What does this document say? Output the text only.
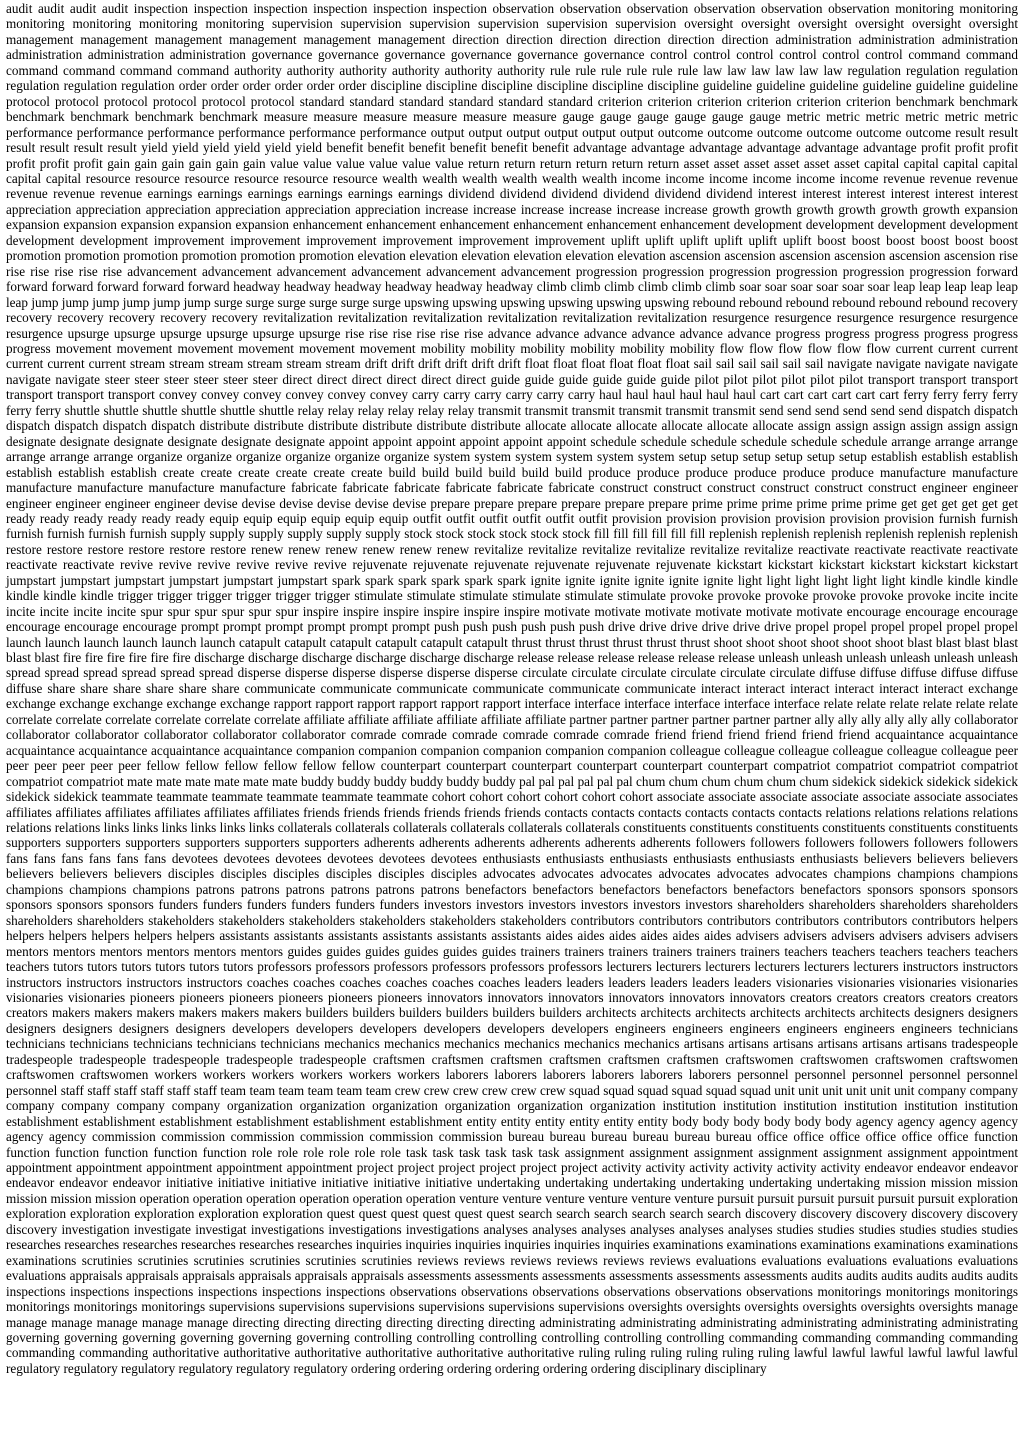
audit audit audit audit inspection inspection inspection inspection inspection inspection observation observation observation observation observation observation monitoring monitoring monitoring monitoring monitoring monitoring supervision supervision supervision supervision supervision supervision oversight oversight oversight oversight oversight oversight management management management management management management direction direction direction direction direction direction administration administration administration administration administration administration governance governance governance governance governance governance control control control control control control command command command command command command authority authority authority authority authority authority rule rule rule rule rule rule law law law law law law regulation regulation regulation regulation regulation regulation order order order order order order discipline discipline discipline discipline discipline discipline guideline guideline guideline guideline guideline guideline protocol protocol protocol protocol protocol protocol standard standard standard standard standard standard criterion criterion criterion criterion criterion criterion benchmark benchmark benchmark benchmark benchmark benchmark measure measure measure measure measure measure gauge gauge gauge gauge gauge gauge metric metric metric metric metric metric performance performance performance performance performance performance output output output output output output outcome outcome outcome outcome outcome outcome result result result result result result yield yield yield yield yield yield benefit benefit benefit benefit benefit benefit advantage advantage advantage advantage advantage advantage profit profit profit profit profit profit gain gain gain gain gain gain value value value value value value return return return return return return asset asset asset asset asset asset capital capital capital capital capital capital resource resource resource resource resource resource wealth wealth wealth wealth wealth wealth income income income income income income revenue revenue revenue revenue revenue revenue earnings earnings earnings earnings earnings earnings dividend dividend dividend dividend dividend dividend interest interest interest interest interest interest appreciation appreciation appreciation appreciation appreciation appreciation increase increase increase increase increase increase growth growth growth growth growth growth expansion expansion expansion expansion expansion expansion enhancement enhancement enhancement enhancement enhancement enhancement development development development development development development improvement improvement improvement improvement improvement improvement uplift uplift uplift uplift uplift uplift boost boost boost boost boost boost promotion promotion promotion promotion promotion promotion elevation elevation elevation elevation elevation elevation ascension ascension ascension ascension ascension ascension rise rise rise rise rise rise advancement advancement advancement advancement advancement advancement progression progression progression progression progression progression forward forward forward forward forward forward headway headway headway headway headway headway climb climb climb climb climb climb soar soar soar soar soar soar leap leap leap leap leap leap jump jump jump jump jump jump surge surge surge surge surge surge upswing upswing upswing upswing upswing upswing rebound rebound rebound rebound rebound rebound recovery recovery recovery recovery recovery recovery revitalization revitalization revitalization revitalization revitalization revitalization resurgence resurgence resurgence resurgence resurgence resurgence upsurge upsurge upsurge upsurge upsurge upsurge rise rise rise rise rise rise advance advance advance advance advance advance progress progress progress progress progress progress movement movement movement movement movement movement mobility mobility mobility mobility mobility mobility flow flow flow flow flow flow current current current current current current stream stream stream stream stream stream drift drift drift drift drift drift float float float float float float sail sail sail sail sail sail navigate navigate navigate navigate navigate navigate steer steer steer steer steer steer direct direct direct direct direct direct guide guide guide guide guide guide pilot pilot pilot pilot pilot pilot transport transport transport transport transport transport convey convey convey convey convey convey carry carry carry carry carry carry haul haul haul haul haul haul cart cart cart cart cart cart ferry ferry ferry ferry ferry ferry shuttle shuttle shuttle shuttle shuttle shuttle relay relay relay relay relay relay transmit transmit transmit transmit transmit transmit send send send send send send dispatch dispatch dispatch dispatch dispatch dispatch distribute distribute distribute distribute distribute distribute allocate allocate allocate allocate allocate allocate assign assign assign assign assign assign designate designate designate designate designate designate appoint appoint appoint appoint appoint appoint schedule schedule schedule schedule schedule schedule arrange arrange arrange arrange arrange arrange organize organize organize organize organize organize system system system system system system setup setup setup setup setup setup establish establish establish establish establish establish create create create create create create build build build build build build produce produce produce produce produce produce manufacture manufacture manufacture manufacture manufacture manufacture fabricate fabricate fabricate fabricate fabricate fabricate construct construct construct construct construct construct engineer engineer engineer engineer engineer engineer devise devise devise devise devise devise prepare prepare prepare prepare prepare prepare prime prime prime prime prime prime get get get get get get ready ready ready ready ready ready equip equip equip equip equip equip outfit outfit outfit outfit outfit outfit provision provision provision provision provision provision furnish furnish furnish furnish furnish furnish supply supply supply supply supply supply stock stock stock stock stock stock fill fill fill fill fill fill replenish replenish replenish replenish replenish replenish restore restore restore restore restore restore renew renew renew renew renew renew revitalize revitalize revitalize revitalize revitalize revitalize reactivate reactivate reactivate reactivate reactivate reactivate revive revive revive revive revive revive rejuvenate rejuvenate rejuvenate rejuvenate rejuvenate rejuvenate kickstart kickstart kickstart kickstart kickstart kickstart jumpstart jumpstart jumpstart jumpstart jumpstart jumpstart spark spark spark spark spark spark ignite ignite ignite ignite ignite ignite light light light light light light kindle kindle kindle kindle kindle kindle trigger trigger trigger trigger trigger trigger stimulate stimulate stimulate stimulate stimulate stimulate provoke provoke provoke provoke provoke provoke incite incite incite incite incite incite spur spur spur spur spur spur inspire inspire inspire inspire inspire inspire motivate motivate motivate motivate motivate motivate encourage encourage encourage encourage encourage encourage prompt prompt prompt prompt prompt prompt push push push push push push drive drive drive drive drive drive propel propel propel propel propel propel launch launch launch launch launch launch catapult catapult catapult catapult catapult catapult thrust thrust thrust thrust thrust thrust shoot shoot shoot shoot shoot shoot blast blast blast blast blast blast fire fire fire fire fire fire discharge discharge discharge discharge discharge discharge release release release release release release unleash unleash unleash unleash unleash unleash spread spread spread spread spread spread disperse disperse disperse disperse disperse disperse circulate circulate circulate circulate circulate circulate diffuse diffuse diffuse diffuse diffuse diffuse share share share share share share communicate communicate communicate communicate communicate communicate interact interact interact interact interact interact exchange exchange exchange exchange exchange exchange rapport rapport rapport rapport rapport rapport interface interface interface interface interface interface relate relate relate relate relate relate correlate correlate correlate correlate correlate correlate affiliate affiliate affiliate affiliate affiliate affiliate partner partner partner partner partner partner ally ally ally ally ally ally collaborator collaborator collaborator collaborator collaborator collaborator comrade comrade comrade comrade comrade comrade friend friend friend friend friend friend acquaintance acquaintance acquaintance acquaintance acquaintance acquaintance companion companion companion companion companion companion colleague colleague colleague colleague colleague colleague peer peer peer peer peer peer fellow fellow fellow fellow fellow fellow counterpart counterpart counterpart counterpart counterpart counterpart compatriot compatriot compatriot compatriot compatriot compatriot mate mate mate mate mate mate buddy buddy buddy buddy buddy buddy pal pal pal pal pal pal chum chum chum chum chum chum sidekick sidekick sidekick sidekick sidekick sidekick teammate teammate teammate teammate teammate teammate cohort cohort cohort cohort cohort cohort associate associate associate associate associate associate associates affiliates affiliates affiliates affiliates affiliates affiliates friends friends friends friends friends friends contacts contacts contacts contacts contacts contacts relations relations relations relations relations relations links links links links links links collaterals collaterals collaterals collaterals collaterals collaterals constituents constituents constituents constituents constituents constituents supporters supporters supporters supporters supporters supporters adherents adherents adherents adherents adherents adherents followers followers followers followers followers followers fans fans fans fans fans fans devotees devotees devotees devotees devotees devotees enthusiasts enthusiasts enthusiasts enthusiasts enthusiasts enthusiasts believers believers believers believers believers believers disciples disciples disciples disciples disciples disciples advocates advocates advocates advocates advocates advocates champions champions champions champions champions champions patrons patrons patrons patrons patrons patrons benefactors benefactors benefactors benefactors benefactors benefactors sponsors sponsors sponsors sponsors sponsors sponsors funders funders funders funders funders funders investors investors investors investors investors investors shareholders shareholders shareholders shareholders shareholders shareholders stakeholders stakeholders stakeholders stakeholders stakeholders stakeholders contributors contributors contributors contributors contributors contributors helpers helpers helpers helpers helpers helpers assistants assistants assistants assistants assistants assistants aides aides aides aides aides aides advisers advisers advisers advisers advisers advisers mentors mentors mentors mentors mentors mentors guides guides guides guides guides guides trainers trainers trainers trainers trainers trainers teachers teachers teachers teachers teachers teachers tutors tutors tutors tutors tutors tutors professors professors professors professors professors professors lecturers lecturers lecturers lecturers lecturers lecturers instructors instructors instructors instructors instructors instructors coaches coaches coaches coaches coaches coaches leaders leaders leaders leaders leaders leaders visionaries visionaries visionaries visionaries visionaries visionaries pioneers pioneers pioneers pioneers pioneers pioneers innovators innovators innovators innovators innovators innovators creators creators creators creators creators creators makers makers makers makers makers makers builders builders builders builders builders builders architects architects architects architects architects architects designers designers designers designers designers designers developers developers developers developers developers developers engineers engineers engineers engineers engineers engineers technicians technicians technicians technicians technicians technicians mechanics mechanics mechanics mechanics mechanics mechanics artisans artisans artisans artisans artisans artisans tradespeople tradespeople tradespeople tradespeople tradespeople tradespeople craftsmen craftsmen craftsmen craftsmen craftsmen craftsmen craftswomen craftswomen craftswomen craftswomen craftswomen craftswomen workers workers workers workers workers workers laborers laborers laborers laborers laborers laborers personnel personnel personnel personnel personnel personnel staff staff staff staff staff staff team team team team team team crew crew crew crew crew crew squad squad squad squad squad squad unit unit unit unit unit unit company company company company company company organization organization organization organization organization organization institution institution institution institution institution institution establishment establishment establishment establishment establishment establishment entity entity entity entity entity entity body body body body body body agency agency agency agency agency agency commission commission commission commission commission commission bureau bureau bureau bureau bureau bureau office office office office office office function function function function function function role role role role role role task task task task task task assignment assignment assignment assignment assignment assignment appointment appointment appointment appointment appointment appointment project project project project project project activity activity activity activity activity activity endeavor endeavor endeavor endeavor endeavor endeavor initiative initiative initiative initiative initiative initiative undertaking undertaking undertaking undertaking undertaking undertaking mission mission mission mission mission mission operation operation operation operation operation operation venture venture venture venture venture venture pursuit pursuit pursuit pursuit pursuit pursuit exploration exploration exploration exploration exploration exploration quest quest quest quest quest quest search search search search search search discovery discovery discovery discovery discovery discovery investigation investigate investigat investigations investigations investigations analyses analyses analyses analyses analyses analyses studies studies studies studies studies studies researches researches researches researches researches researches inquiries inquiries inquiries inquiries inquiries inquiries examinations examinations examinations examinations examinations examinations scrutinies scrutinies scrutinies scrutinies scrutinies scrutinies reviews reviews reviews reviews reviews reviews evaluations evaluations evaluations evaluations evaluations evaluations appraisals appraisals appraisals appraisals appraisals appraisals assessments assessments assessments assessments assessments assessments audits audits audits audits audits audits inspections inspections inspections inspections inspections inspections observations observations observations observations observations observations monitorings monitorings monitorings monitorings monitorings monitorings supervisions supervisions supervisions supervisions supervisions supervisions oversights oversights oversights oversights oversights oversights manage manage manage manage manage manage directing directing directing directing directing directing administrating administrating administrating administrating administrating administrating governing governing governing governing governing governing controlling controlling controlling controlling controlling controlling commanding commanding commanding commanding commanding commanding authoritative authoritative authoritative authoritative authoritative authoritative ruling ruling ruling ruling ruling ruling lawful lawful lawful lawful lawful lawful regulatory regulatory regulatory regulatory regulatory regulatory ordering ordering ordering ordering ordering ordering disciplinary disciplinary
